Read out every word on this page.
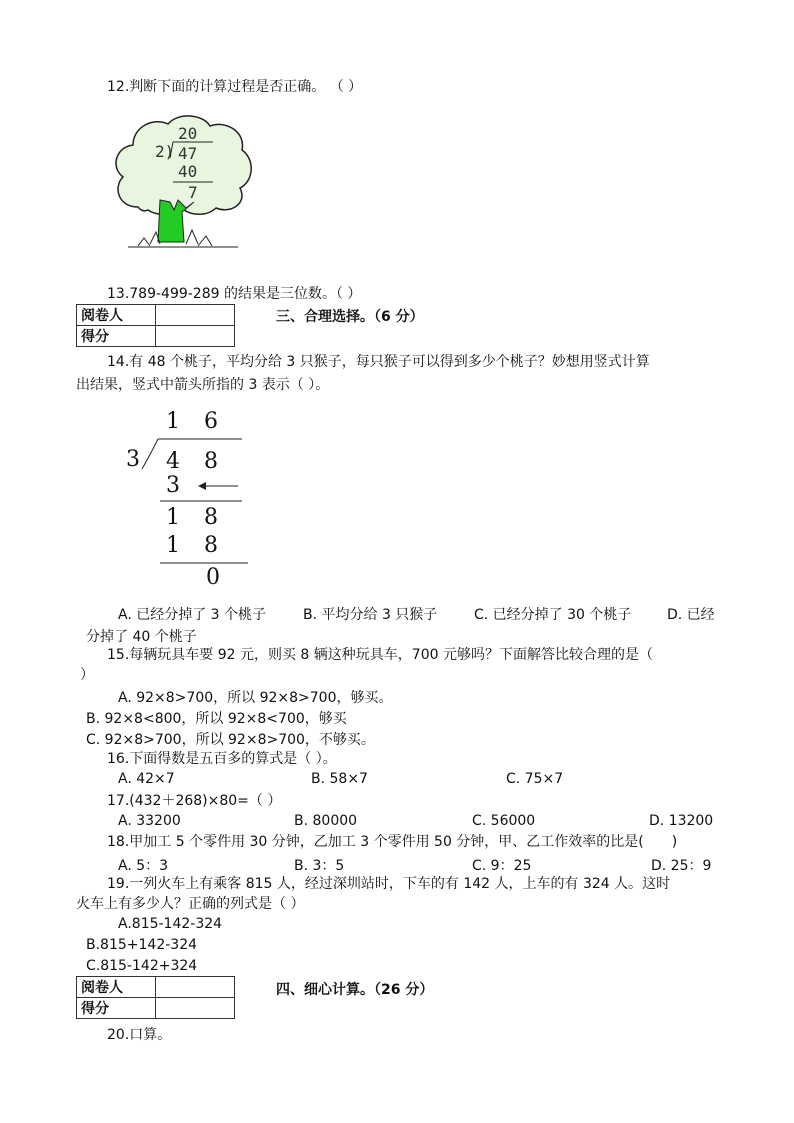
12.判断下面的计算过程是否正确。 （ ）
20
2) 47
40
7
13.789-499-289 的结果是三位数。（ ）
阅卷人	
得分	
三、合理选择。（6 分）
14.有 48 个桃子，平均分给 3 只猴子，每只猴子可以得到多少个桃子？妙想用竖式计算
出结果，竖式中箭头所指的 3 表示（ ）。
1 6
3 4 8
3
1 8
1 8
0
A. 已经分掉了 3 个桃子	B. 平均分给 3 只猴子	C. 已经分掉了 30 个桃子	D. 已经
分掉了 40 个桃子
15.每辆玩具车要 92 元，则买 8 辆这种玩具车，700 元够吗？下面解答比较合理的是（
）
A. 92×8>700，所以 92×8>700，够买。
B. 92×8<800，所以 92×8<700，够买
C. 92×8>700，所以 92×8>700，不够买。
16.下面得数是五百多的算式是（ ）。
A. 42×7	B. 58×7	C. 75×7
17.(432＋268)×80=（ ）
A. 33200	B. 80000	C. 56000	D. 13200
18.甲加工 5 个零件用 30 分钟，乙加工 3 个零件用 50 分钟，甲、乙工作效率的比是(　　)
A. 5：3	B. 3：5	C. 9：25	D. 25：9
19.一列火车上有乘客 815 人，经过深圳站时，下车的有 142 人，上车的有 324 人。这时
火车上有多少人？正确的列式是（ ）
A.815-142-324
B.815+142-324
C.815-142+324
阅卷人	
得分	
四、细心计算。（26 分）
20.口算。
